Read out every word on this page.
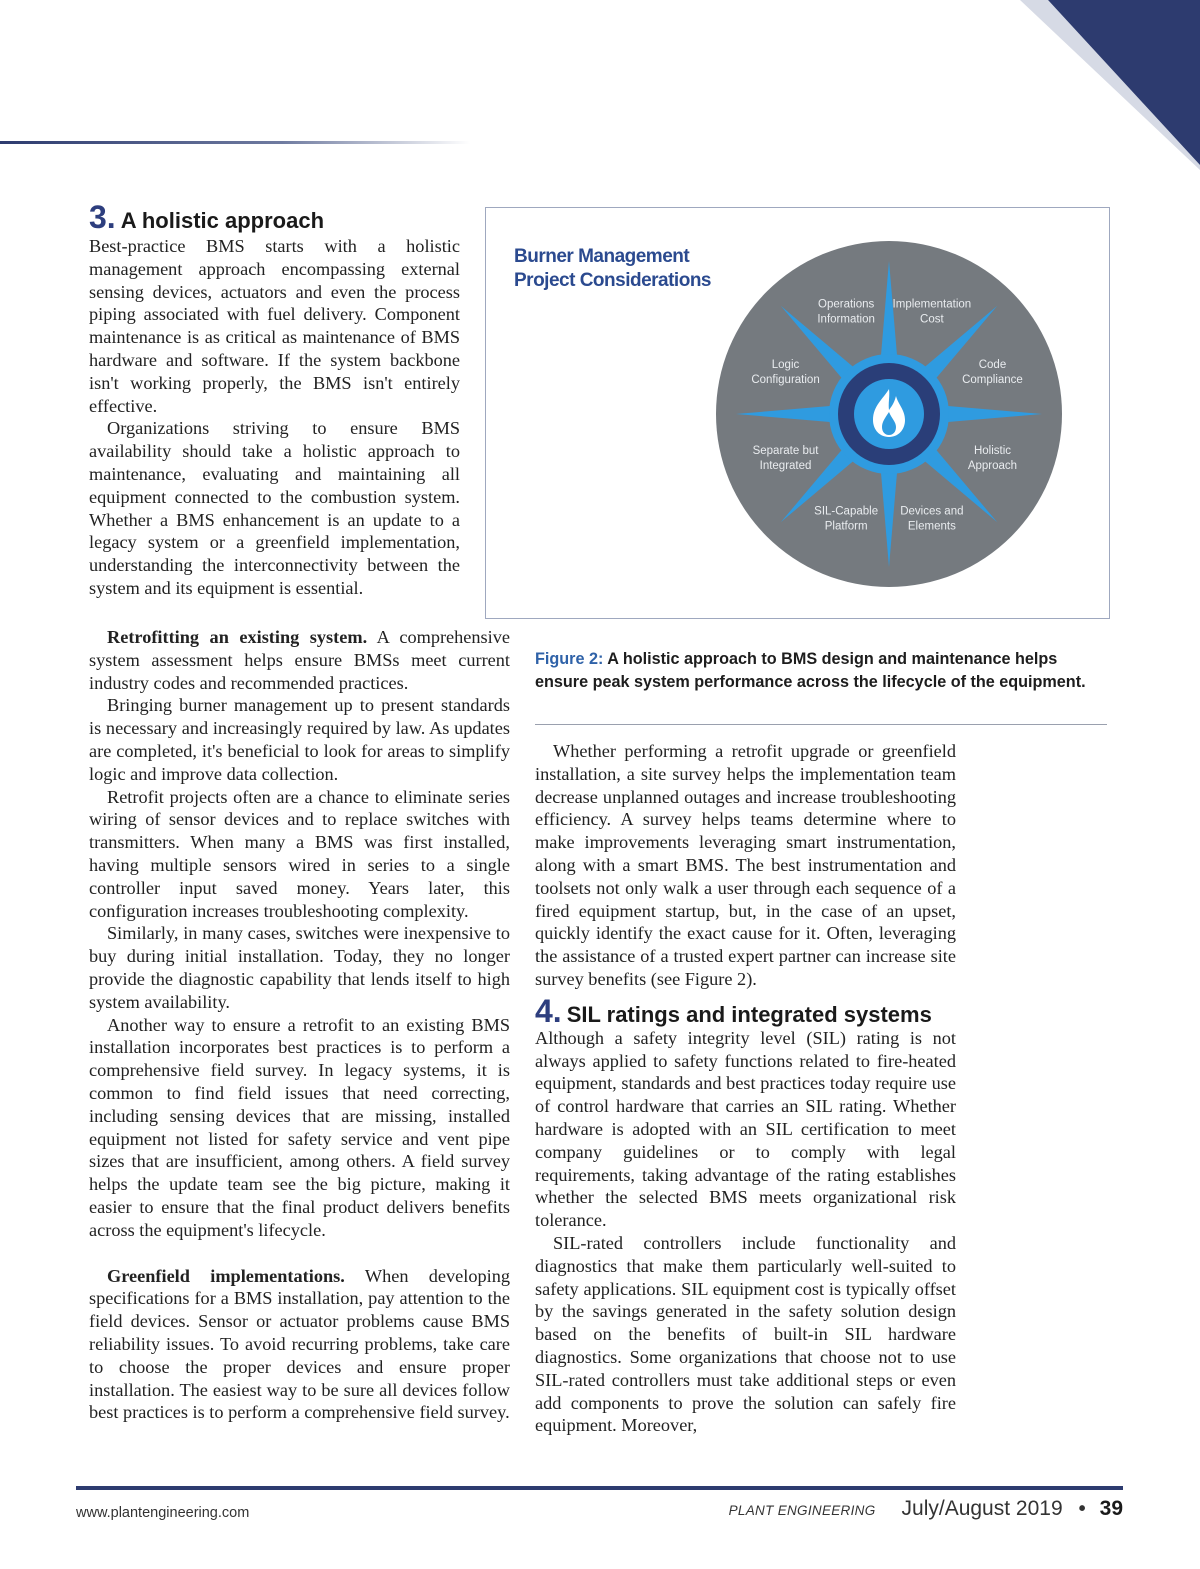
3. A holistic approach

Best-practice BMS starts with a holistic management approach encompassing external sensing devices, actuators and even the process piping associated with fuel delivery. Component maintenance is as critical as maintenance of BMS hardware and software. If the system backbone isn't working properly, the BMS isn't entirely effective.

Organizations striving to ensure BMS availability should take a holistic approach to maintenance, evaluating and maintaining all equipment connected to the combustion system. Whether a BMS enhancement is an update to a legacy system or a greenfield implementation, understanding the interconnectivity between the system and its equipment is essential.

Retrofitting an existing system. A comprehensive system assessment helps ensure BMSs meet current industry codes and recommended practices.

Bringing burner management up to present standards is necessary and increasingly required by law. As updates are completed, it's beneficial to look for areas to simplify logic and improve data collection.

Retrofit projects often are a chance to eliminate series wiring of sensor devices and to replace switches with transmitters. When many a BMS was first installed, having multiple sensors wired in series to a single controller input saved money. Years later, this configuration increases troubleshooting complexity.

Similarly, in many cases, switches were inexpensive to buy during initial installation. Today, they no longer provide the diagnostic capability that lends itself to high system availability.

Another way to ensure a retrofit to an existing BMS installation incorporates best practices is to perform a comprehensive field survey. In legacy systems, it is common to find field issues that need correcting, including sensing devices that are missing, installed equipment not listed for safety service and vent pipe sizes that are insufficient, among others. A field survey helps the update team see the big picture, making it easier to ensure that the final product delivers benefits across the equipment's lifecycle.

Greenfield implementations. When developing specifications for a BMS installation, pay attention to the field devices. Sensor or actuator problems cause BMS reliability issues. To avoid recurring problems, take care to choose the proper devices and ensure proper installation. The easiest way to be sure all devices follow best practices is to perform a comprehensive field survey.

Burner Management
Project Considerations
Implementation
Cost
Code
Compliance
Holistic
Approach
Devices and
Elements
SIL-Capable
Platform
Separate but
Integrated
Logic
Configuration
Operations
Information
Figure 2: A holistic approach to BMS design and maintenance helps ensure peak system performance across the lifecycle of the equipment.

Whether performing a retrofit upgrade or greenfield installation, a site survey helps the implementation team decrease unplanned outages and increase troubleshooting efficiency. A survey helps teams determine where to make improvements leveraging smart instrumentation, along with a smart BMS. The best instrumentation and toolsets not only walk a user through each sequence of a fired equipment startup, but, in the case of an upset, quickly identify the exact cause for it. Often, leveraging the assistance of a trusted expert partner can increase site survey benefits (see Figure 2).

4. SIL ratings and integrated systems

Although a safety integrity level (SIL) rating is not always applied to safety functions related to fire-heated equipment, standards and best practices today require use of control hardware that carries an SIL rating. Whether hardware is adopted with an SIL certification to meet company guidelines or to comply with legal requirements, taking advantage of the rating establishes whether the selected BMS meets organizational risk tolerance.

SIL-rated controllers include functionality and diagnostics that make them particularly well-suited to safety applications. SIL equipment cost is typically offset by the savings generated in the safety solution design based on the benefits of built-in SIL hardware diagnostics. Some organizations that choose not to use SIL-rated controllers must take additional steps or even add components to prove the solution can safely fire equipment. Moreover,

www.plantengineering.com	PLANT ENGINEERING July/August 2019 • 39
